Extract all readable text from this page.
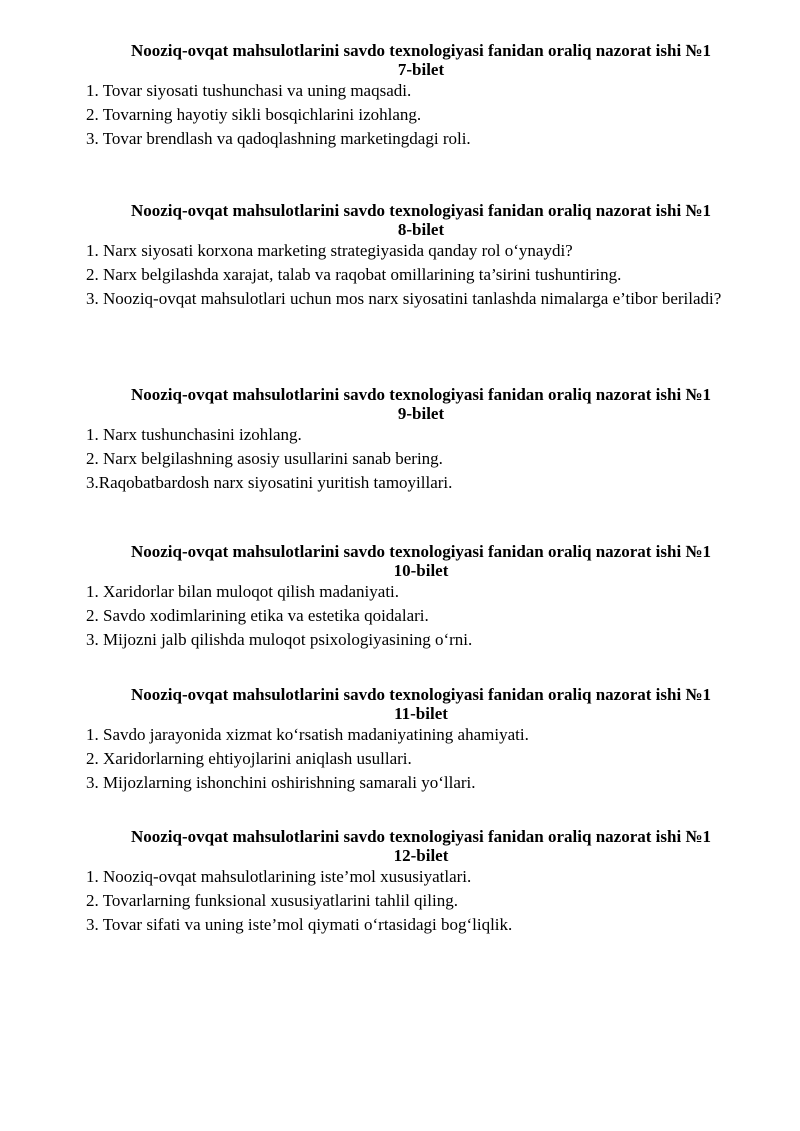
Nooziq-ovqat mahsulotlarini savdo texnologiyasi fanidan oraliq nazorat ishi №1
7-bilet
1. Tovar siyosati tushunchasi va uning maqsadi.
2. Tovarning hayotiy sikli bosqichlarini izohlang.
3. Tovar brendlash va qadoqlashning marketingdagi roli.
Nooziq-ovqat mahsulotlarini savdo texnologiyasi fanidan oraliq nazorat ishi №1
8-bilet
1. Narx siyosati korxona marketing strategiyasida qanday rol o‘ynaydi?
2. Narx belgilashda xarajat, talab va raqobat omillarining ta’sirini tushuntiring.
3. Nooziq-ovqat mahsulotlari uchun mos narx siyosatini tanlashda nimalarga e’tibor beriladi?
Nooziq-ovqat mahsulotlarini savdo texnologiyasi fanidan oraliq nazorat ishi №1
9-bilet
1. Narx tushunchasini izohlang.
2. Narx belgilashning asosiy usullarini sanab bering.
3.Raqobatbardosh narx siyosatini yuritish tamoyillari.
Nooziq-ovqat mahsulotlarini savdo texnologiyasi fanidan oraliq nazorat ishi №1
10-bilet
1. Xaridorlar bilan muloqot qilish madaniyati.
2. Savdo xodimlarining etika va estetika qoidalari.
3. Mijozni jalb qilishda muloqot psixologiyasining o‘rni.
Nooziq-ovqat mahsulotlarini savdo texnologiyasi fanidan oraliq nazorat ishi №1
11-bilet
1. Savdo jarayonida xizmat ko‘rsatish madaniyatining ahamiyati.
2. Xaridorlarning ehtiyojlarini aniqlash usullari.
3. Mijozlarning ishonchini oshirishning samarali yo‘llari.
Nooziq-ovqat mahsulotlarini savdo texnologiyasi fanidan oraliq nazorat ishi №1
12-bilet
1. Nooziq-ovqat mahsulotlarining iste’mol xususiyatlari.
2. Tovarlarning funksional xususiyatlarini tahlil qiling.
3. Tovar sifati va uning iste’mol qiymati o‘rtasidagi bog‘liqlik.
